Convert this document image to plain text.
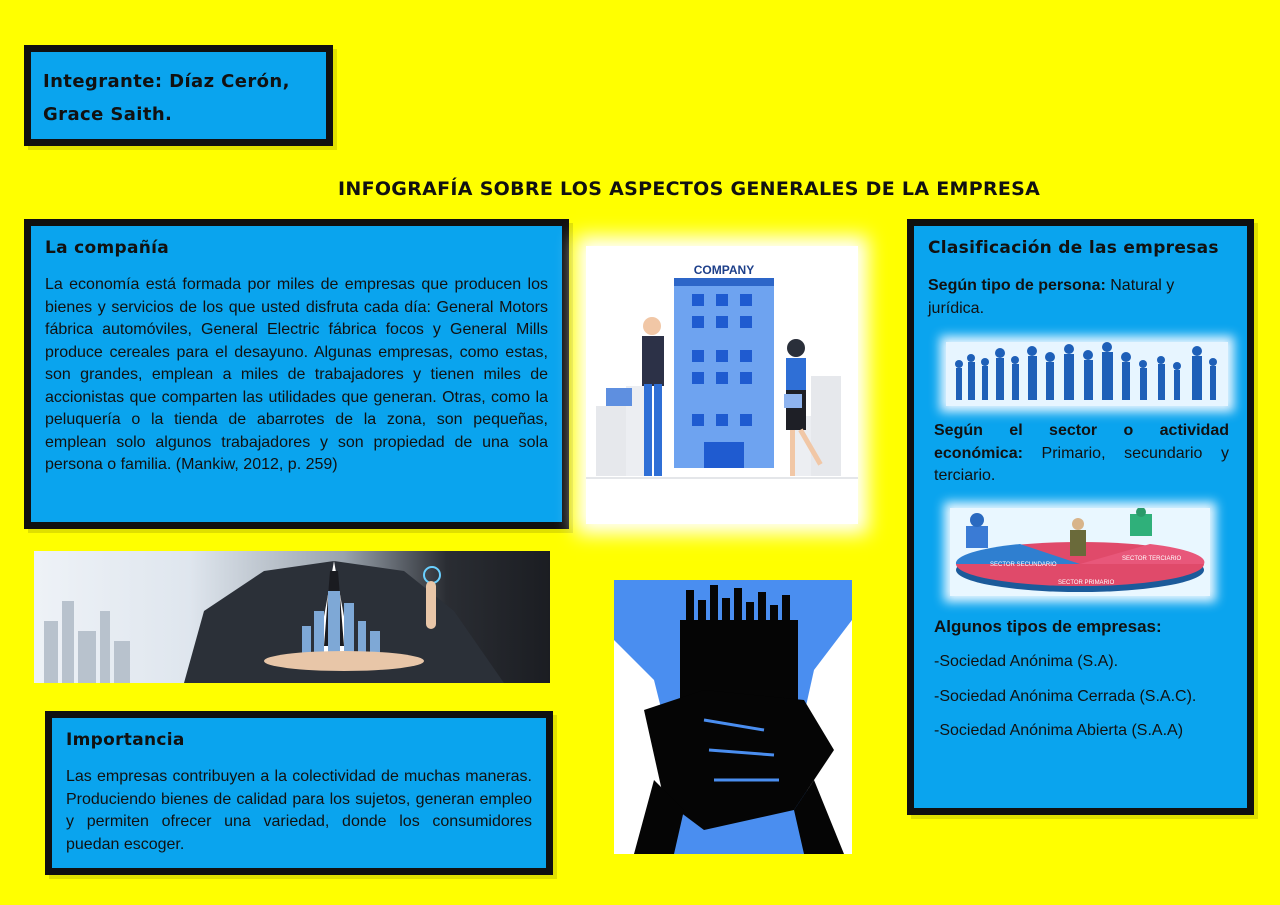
Integrante: Díaz Cerón,
Grace Saith.
INFOGRAFÍA SOBRE LOS ASPECTOS GENERALES DE LA EMPRESA
La compañía

La economía está formada por miles de empresas que producen los bienes y servicios de los que usted disfruta cada día: General Motors fábrica automóviles, General Electric fábrica focos y General Mills produce cereales para el desayuno. Algunas empresas, como estas, son grandes, emplean a miles de trabajadores y tienen miles de accionistas que comparten las utilidades que generan. Otras, como la peluquería o la tienda de abarrotes de la zona, son pequeñas, emplean solo algunos trabajadores y son propiedad de una sola persona o familia. (Mankiw, 2012, p. 259)

COMPANY
Importancia

Las empresas contribuyen a la colectividad de muchas maneras. Produciendo bienes de calidad para los sujetos, generan empleo y permiten ofrecer una variedad, donde los consumidores puedan escoger.

Clasificación de las empresas

Según tipo de persona: Natural y jurídica.

Según el sector o actividad económica: Primario, secundario y terciario.

SECTOR SECUNDARIO
SECTOR PRIMARIO
SECTOR TERCIARIO

Algunos tipos de empresas:

-Sociedad Anónima (S.A).

-Sociedad Anónima Cerrada (S.A.C).

-Sociedad Anónima Abierta (S.A.A)
